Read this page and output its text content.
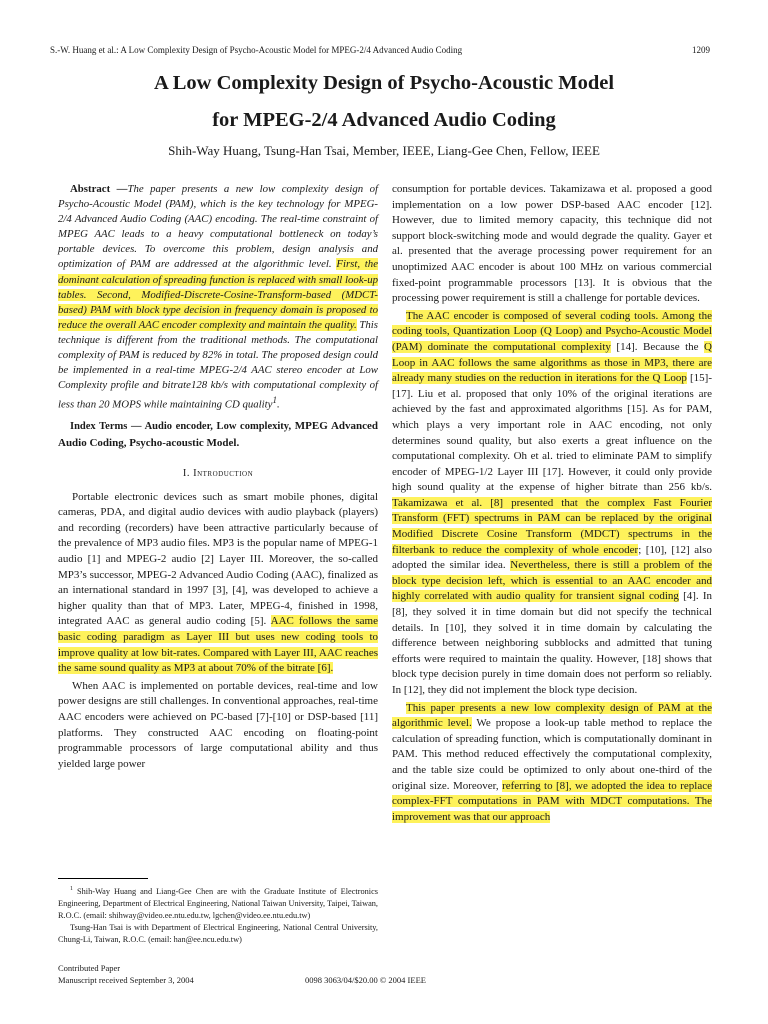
S.-W. Huang et al.: A Low Complexity Design of Psycho-Acoustic Model for MPEG-2/4 Advanced Audio Coding	1209
A Low Complexity Design of Psycho-Acoustic Model
for MPEG-2/4 Advanced Audio Coding
Shih-Way Huang, Tsung-Han Tsai, Member, IEEE, Liang-Gee Chen, Fellow, IEEE

Abstract —The paper presents a new low complexity design of Psycho-Acoustic Model (PAM), which is the key technology for MPEG-2/4 Advanced Audio Coding (AAC) encoding. The real-time constraint of MPEG AAC leads to a heavy computational bottleneck on today’s portable devices. To overcome this problem, design analysis and optimization of PAM are addressed at the algorithmic level. First, the dominant calculation of spreading function is replaced with small look-up tables. Second, Modified-Discrete-Cosine-Transform-based (MDCT-based) PAM with block type decision in frequency domain is proposed to reduce the overall AAC encoder complexity and maintain the quality. This technique is different from the traditional methods. The computational complexity of PAM is reduced by 82% in total. The proposed design could be implemented in a real-time MPEG-2/4 AAC stereo encoder at Low Complexity profile and bitrate128 kb/s with computational complexity of less than 20 MOPS while maintaining CD quality$^1$.

Index Terms — Audio encoder, Low complexity, MPEG Advanced Audio Coding, Psycho-acoustic Model.

I. Introduction

Portable electronic devices such as smart mobile phones, digital cameras, PDA, and digital audio devices with audio playback (players) and recording (recorders) have been attractive particularly because of the prevalence of MP3 audio files. MP3 is the popular name of MPEG-1 audio [1] and MPEG-2 audio [2] Layer III. Moreover, the so-called MP3’s successor, MPEG-2 Advanced Audio Coding (AAC), finalized as an international standard in 1997 [3], [4], was developed to achieve a higher quality than that of MP3. Later, MPEG-4, finished in 1998, integrated AAC as general audio coding [5]. AAC follows the same basic coding paradigm as Layer III but uses new coding tools to improve quality at low bit-rates. Compared with Layer III, AAC reaches the same sound quality as MP3 at about 70% of the bitrate [6].

When AAC is implemented on portable devices, real-time and low power designs are still challenges. In conventional approaches, real-time AAC encoders were achieved on PC-based [7]-[10] or DSP-based [11] platforms. They constructed AAC encoding on floating-point programmable processors of large computational ability and thus yielded large power

consumption for portable devices. Takamizawa et al. proposed a good implementation on a low power DSP-based AAC encoder [12]. However, due to limited memory capacity, this technique did not support block-switching mode and would degrade the quality. Gayer et al. presented that the average processing power requirement for an unoptimized AAC encoder is about 100 MHz on various commercial fixed-point programmable processors [13]. It is obvious that the processing power requirement is still a challenge for portable devices.

The AAC encoder is composed of several coding tools. Among the coding tools, Quantization Loop (Q Loop) and Psycho-Acoustic Model (PAM) dominate the computational complexity [14]. Because the Q Loop in AAC follows the same algorithms as those in MP3, there are already many studies on the reduction in iterations for the Q Loop [15]-[17]. Liu et al. proposed that only 10% of the original iterations are achieved by the fast and approximated algorithms [15]. As for PAM, which plays a very important role in AAC encoding, not only determines sound quality, but also exerts a great influence on the computational complexity. Oh et al. tried to eliminate PAM to simplify encoder of MPEG-1/2 Layer III [17]. However, it could only provide high sound quality at the expense of higher bitrate than 256 kb/s. Takamizawa et al. [8] presented that the complex Fast Fourier Transform (FFT) spectrums in PAM can be replaced by the original Modified Discrete Cosine Transform (MDCT) spectrums in the filterbank to reduce the complexity of whole encoder; [10], [12] also adopted the similar idea. Nevertheless, there is still a problem of the block type decision left, which is essential to an AAC encoder and highly correlated with audio quality for transient signal coding [4]. In [8], they solved it in time domain but did not specify the technical details. In [10], they solved it in time domain by calculating the difference between neighboring subblocks and admitted that tuning efforts were required to maintain the quality. However, [18] shows that block type decision purely in time domain does not perform so reliably. In [12], they did not implement the block type decision.

This paper presents a new low complexity design of PAM at the algorithmic level. We propose a look-up table method to replace the calculation of spreading function, which is computationally dominant in PAM. This method reduced effectively the computational complexity, and the table size could be optimized to only about one-third of the original size. Moreover, referring to [8], we adopted the idea to replace complex-FFT computations in PAM with MDCT computations. The improvement was that our approach

$^1$ Shih-Way Huang and Liang-Gee Chen are with the Graduate Institute of Electronics Engineering, Department of Electrical Engineering, National Taiwan University, Taipei, Taiwan, R.O.C. (email: shihway@video.ee.ntu.edu.tw, lgchen@video.ee.ntu.edu.tw)

Tsung-Han Tsai is with Department of Electrical Engineering, National Central University, Chung-Li, Taiwan, R.O.C. (email: han@ee.ncu.edu.tw)

Contributed Paper
Manuscript received September 3, 2004	0098 3063/04/$20.00 © 2004 IEEE
